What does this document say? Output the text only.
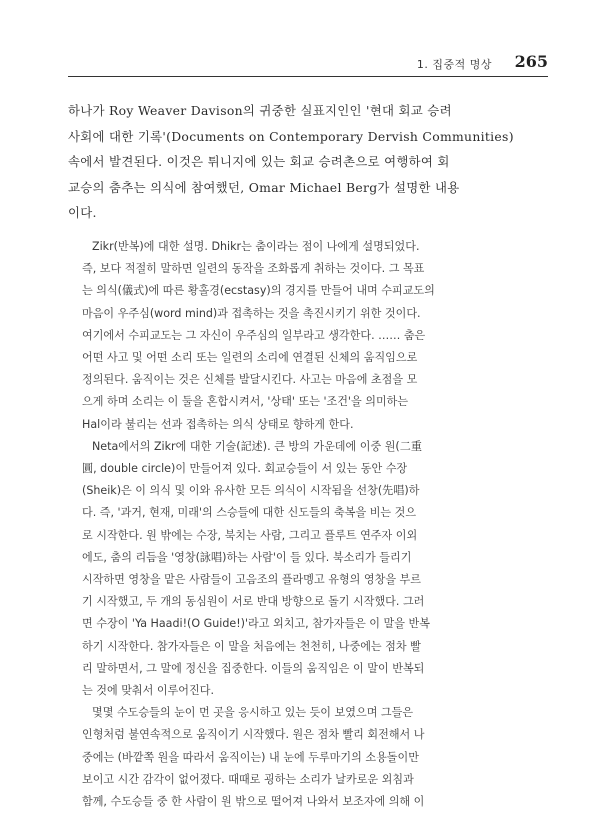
1. 집중적 명상 265
하나가 Roy Weaver Davison의 귀중한 실표지인인 '현대 회교 승려
사회에 대한 기록'(Documents on Contemporary Dervish Communities)
속에서 발견된다. 이것은 튀니지에 있는 회교 승려촌으로 여행하여 회
교승의 춤추는 의식에 참여했던, Omar Michael Berg가 설명한 내용
이다.
Zikr(반복)에 대한 설명. Dhikr는 춤이라는 점이 나에게 설명되었다.
즉, 보다 적절히 말하면 일련의 동작을 조화롭게 취하는 것이다. 그 목표
는 의식(儀式)에 따른 황홀경(ecstasy)의 경지를 만들어 내며 수피교도의
마음이 우주심(word mind)과 접촉하는 것을 촉진시키기 위한 것이다.
여기에서 수피교도는 그 자신이 우주심의 일부라고 생각한다. …… 춤은
어떤 사고 및 어떤 소리 또는 일련의 소리에 연결된 신체의 움직임으로
정의된다. 움직이는 것은 신체를 발달시킨다. 사고는 마음에 초점을 모
으게 하며 소리는 이 둘을 혼합시켜서, '상태' 또는 '조건'을 의미하는
Hal이라 불리는 선과 접촉하는 의식 상태로 향하게 한다.
Neta에서의 Zikr에 대한 기술(記述). 큰 방의 가운데에 이중 원(二重
圓, double circle)이 만들어져 있다. 회교승들이 서 있는 동안 수장
(Sheik)은 이 의식 및 이와 유사한 모든 의식이 시작됨을 선창(先唱)하
다. 즉, '과거, 현재, 미래'의 스승들에 대한 신도들의 축복을 비는 것으
로 시작한다. 원 밖에는 수장, 북치는 사람, 그리고 플루트 연주자 이외
에도, 춤의 리듬을 '영창(詠唱)하는 사람'이 들 있다. 북소리가 들리기
시작하면 영창을 맡은 사람들이 고음조의 플라멩고 유형의 영창을 부르
기 시작했고, 두 개의 동심원이 서로 반대 방향으로 돌기 시작했다. 그러
면 수장이 'Ya Haadi!(O Guide!)'라고 외치고, 참가자들은 이 말을 반복
하기 시작한다. 참가자들은 이 말을 처음에는 천천히, 나중에는 점차 빨
리 말하면서, 그 말에 정신을 집중한다. 이들의 움직임은 이 말이 반복되
는 것에 맞춰서 이루어진다.
몇몇 수도승들의 눈이 먼 곳을 응시하고 있는 듯이 보였으며 그들은
인형처럼 불연속적으로 움직이기 시작했다. 원은 점차 빨리 회전해서 나
중에는 (바깥쪽 원을 따라서 움직이는) 내 눈에 두루마기의 소용돌이만
보이고 시간 감각이 없어졌다. 때때로 굉하는 소리가 날카로운 외침과
함께, 수도승들 중 한 사람이 원 밖으로 떨어져 나와서 보조자에 의해 이
